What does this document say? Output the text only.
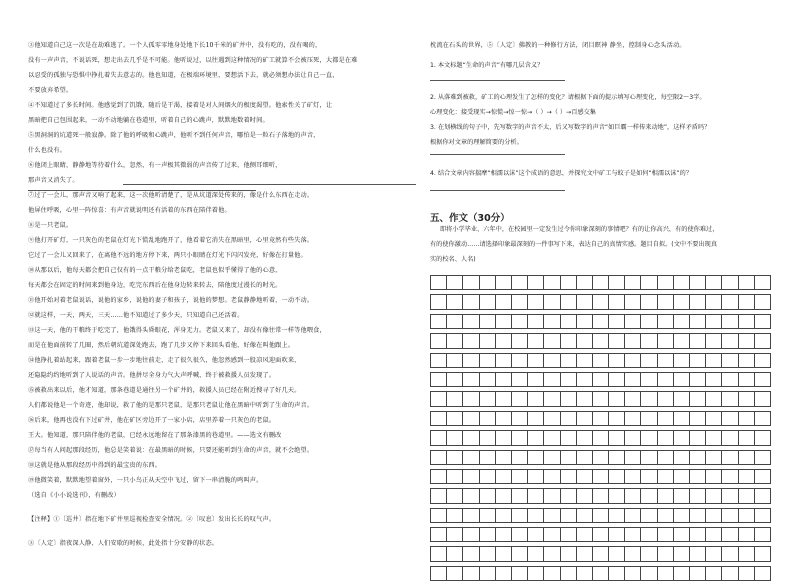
③他知道自己这一次是在劫难逃了。一个人孤零零地身处地下长10千米的矿井中，没有吃的，没有喝的，
没有一声声音，不说话死，想走出去几乎是不可能。他听说过，以往遇到这种情况的矿工就算不会被压死，大都是在难
以忍受的孤独与恐惧中挣扎着失去意志的。他也知道，在极端环境里，要想活下去，就必须想办法让自己一直，
不要放弃希望。
④不知道过了多长时间。他感觉到了饥饿，随后是干渴，接着是对人间烟火的极度渴望。他索性关了矿灯，让
黑暗把自己包围起来，一动不动地躺在巷道里，听着自己的心跳声，默默地数着时间。
⑤黑洞洞的坑道死一般寂静。除了他的呼吸和心跳声，他听不到任何声音，哪怕是一粒石子落地的声音，
什么也没有。
⑥他闭上眼睛，静静地等待着什么，忽然，有一声极其微弱的声音传了过来，他侧耳细听，
那声音又消失了。
⑦过了一会儿，那声音又响了起来，这一次他听清楚了，是从坑道深处传来的，像是什么东西在走动。
他屏住呼吸，心里一阵惊喜：有声音就说明还有活着的东西在陪伴着他。
⑧是一只老鼠。
⑨他打开矿灯，一只灰色的老鼠在灯光下慌乱地跑开了，他看着它消失在黑暗里，心里竟然有些失落。
它过了一会儿又回来了，在离他不远的地方停下来，两只小眼睛在灯光下闪闪发亮，好像在打量他。
⑩从那以后，他每天都会把自己仅有的一点干粮分给老鼠吃，老鼠也似乎懂得了他的心意，
每天都会在固定的时间来到他身边，吃完东西后在他身边转来转去，陪他度过漫长的时光。
⑪他开始对着老鼠说话，说他的家乡，说他的妻子和孩子，说他的梦想。老鼠静静地听着，一动不动。
⑫就这样，一天，两天，三天……他不知道过了多少天，只知道自己还活着。
⑬这一天，他的干粮终于吃完了，他饿得头昏眼花，浑身无力。老鼠又来了，却没有像往常一样等他喂食，
而是在他面前转了几圈，然后朝坑道深处跑去，跑了几步又停下来回头看他，好像在叫他跟上。
⑭他挣扎着站起来，跟着老鼠一步一步地往前走，走了很久很久，他忽然感到一股凉风迎面吹来，
还隐隐约约地听到了人说话的声音。他拼尽全身力气大声呼喊，终于被救援人员发现了。
⑮被救出来以后，他才知道，那条巷道是通往另一个矿井的，救援人员已经在附近搜寻了好几天。
人们都说他是一个奇迹，他却说，救了他的是那只老鼠，是那只老鼠让他在黑暗中听到了生命的声音。
⑯后来，他再也没有下过矿井，他在矿区旁边开了一家小店，店里养着一只灰色的老鼠。
王大。他知道，那只陪伴他的老鼠，已经永远地留在了那条漆黑的巷道里。——选文有删改
⑰每当有人问起那段经历，他总是笑着说：在最黑暗的时候，只要还能听到生命的声音，就不会绝望。
⑱这就是他从那段经历中得到的最宝贵的东西。
⑲他微笑着，默默地望着窗外，一只小鸟正从天空中飞过，留下一串清脆的鸣叫声。
（选自《小小说选刊》，有删改）
【注释】①〔巡井〕指在地下矿井里巡视检查安全情况。②〔叹息〕发出长长的叹气声。
③〔人定〕指夜深人静、人们安歇的时候，此处指十分安静的状态。
五、作文（30分）
枕流在石头的世界，⑤〔人定〕佛教的一种修行方法，闭目瞑神 静坐，控制身心念头活动。
1. 本文标题“生命的声音”有哪几层含义？
2. 从落难到被救，矿工的心理发生了怎样的变化？请根据下面的提示填写心理变化，每空限2～3字。
心理变化：接受现实→惊慌→惊一惊→（ ）→（ ）→百感交集
3. 在划横线的句子中，先写数字的声音不太，后又写数字的声音“如巨霸一样传来动地”，这样矛盾吗？
根据你对文章的理解简要的分析。
4. 结合文章内容揣摩“相濡以沫”这个成语的意思，并探究文中矿工与蚊子是如何“相濡以沫”的？
即将小学毕业，六年中，在校园里一定发生过令你印象深刻的事情吧？有的让你高兴，有的使你难过，
有的使你激动……请选择印象最深刻的一件事写下来，表达自己的真情实感。题目自拟。(文中不要出现真
实的校名、人名)
